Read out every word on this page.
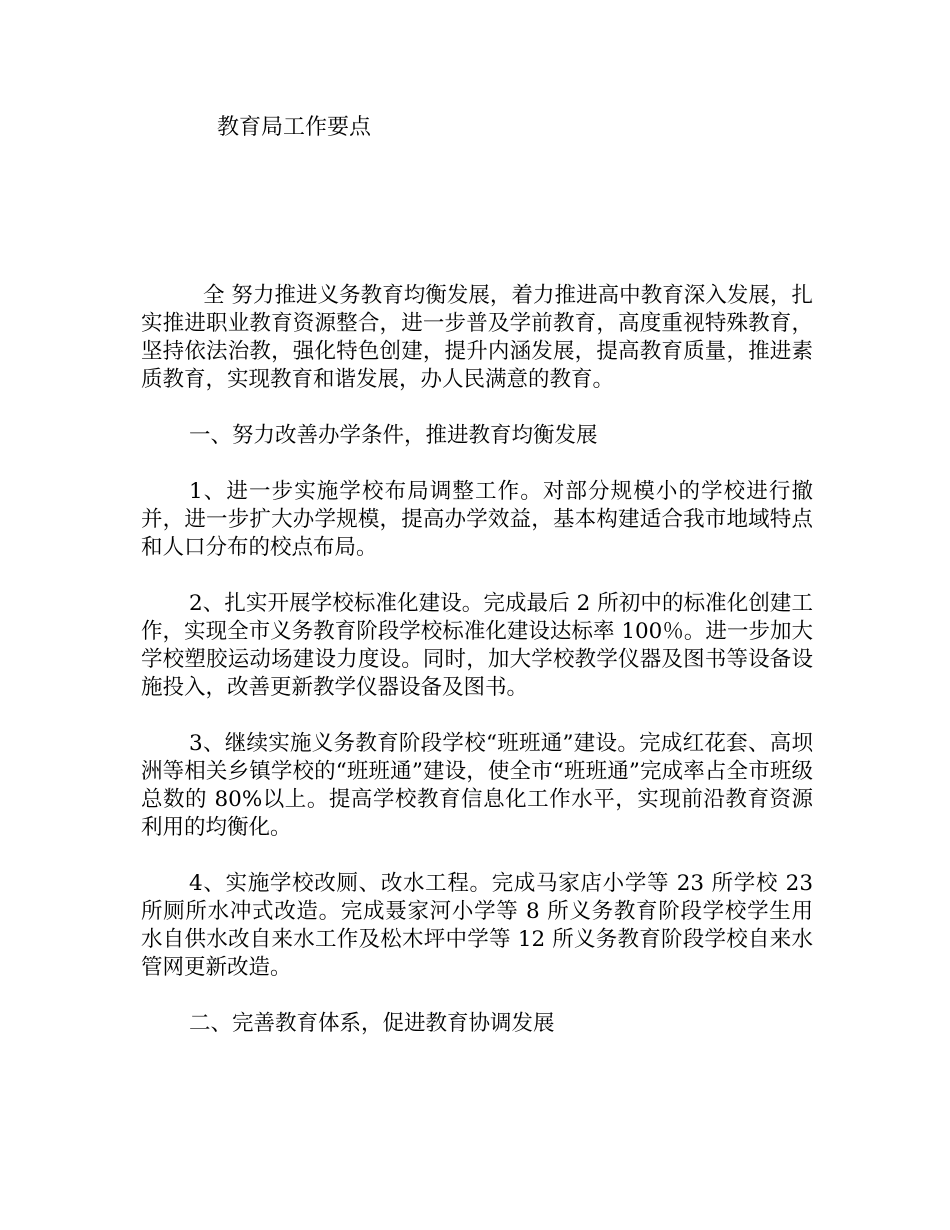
教育局工作要点

全 努力推进义务教育均衡发展，着力推进高中教育深入发展，扎实推进职业教育资源整合，进一步普及学前教育，高度重视特殊教育，坚持依法治教，强化特色创建，提升内涵发展，提高教育质量，推进素质教育，实现教育和谐发展，办人民满意的教育。

一、努力改善办学条件，推进教育均衡发展

1、进一步实施学校布局调整工作。对部分规模小的学校进行撤并，进一步扩大办学规模，提高办学效益，基本构建适合我市地域特点和人口分布的校点布局。

2、扎实开展学校标准化建设。完成最后 2 所初中的标准化创建工作，实现全市义务教育阶段学校标准化建设达标率 100％。进一步加大学校塑胶运动场建设力度设。同时，加大学校教学仪器及图书等设备设施投入，改善更新教学仪器设备及图书。

3、继续实施义务教育阶段学校“班班通”建设。完成红花套、高坝洲等相关乡镇学校的“班班通”建设，使全市“班班通”完成率占全市班级总数的 80%以上。提高学校教育信息化工作水平，实现前沿教育资源利用的均衡化。

4、实施学校改厕、改水工程。完成马家店小学等 23 所学校 23 所厕所水冲式改造。完成聂家河小学等 8 所义务教育阶段学校学生用水自供水改自来水工作及松木坪中学等 12 所义务教育阶段学校自来水管网更新改造。

二、完善教育体系，促进教育协调发展
